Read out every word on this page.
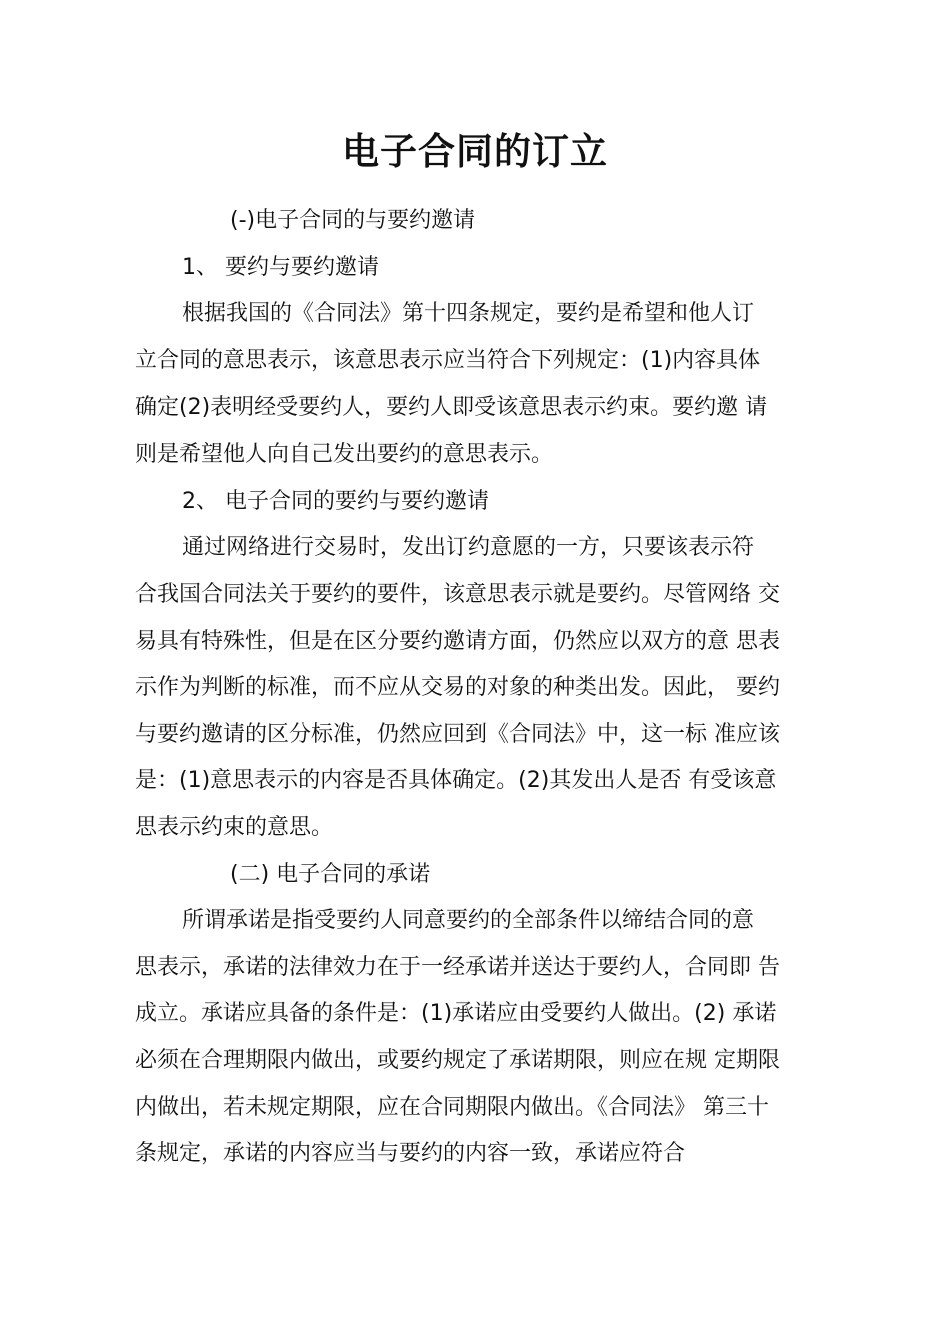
电子合同的订立
(-)电子合同的与要约邀请
1、 要约与要约邀请
根据我国的《合同法》第十四条规定，要约是希望和他人订
立合同的意思表示，该意思表示应当符合下列规定：(1)内容具体
确定(2)表明经受要约人，要约人即受该意思表示约束。要约邀 请
则是希望他人向自己发出要约的意思表示。
2、 电子合同的要约与要约邀请
通过网络进行交易时，发出订约意愿的一方，只要该表示符
合我国合同法关于要约的要件，该意思表示就是要约。尽管网络 交
易具有特殊性，但是在区分要约邀请方面，仍然应以双方的意 思表
示作为判断的标准，而不应从交易的对象的种类出发。因此， 要约
与要约邀请的区分标准，仍然应回到《合同法》中，这一标 准应该
是：(1)意思表示的内容是否具体确定。(2)其发出人是否 有受该意
思表示约束的意思。
(二) 电子合同的承诺
所谓承诺是指受要约人同意要约的全部条件以缔结合同的意
思表示，承诺的法律效力在于一经承诺并送达于要约人，合同即 告
成立。承诺应具备的条件是：(1)承诺应由受要约人做出。(2) 承诺
必须在合理期限内做出，或要约规定了承诺期限，则应在规 定期限
内做出，若未规定期限，应在合同期限内做出。《合同法》 第三十
条规定，承诺的内容应当与要约的内容一致，承诺应符合
